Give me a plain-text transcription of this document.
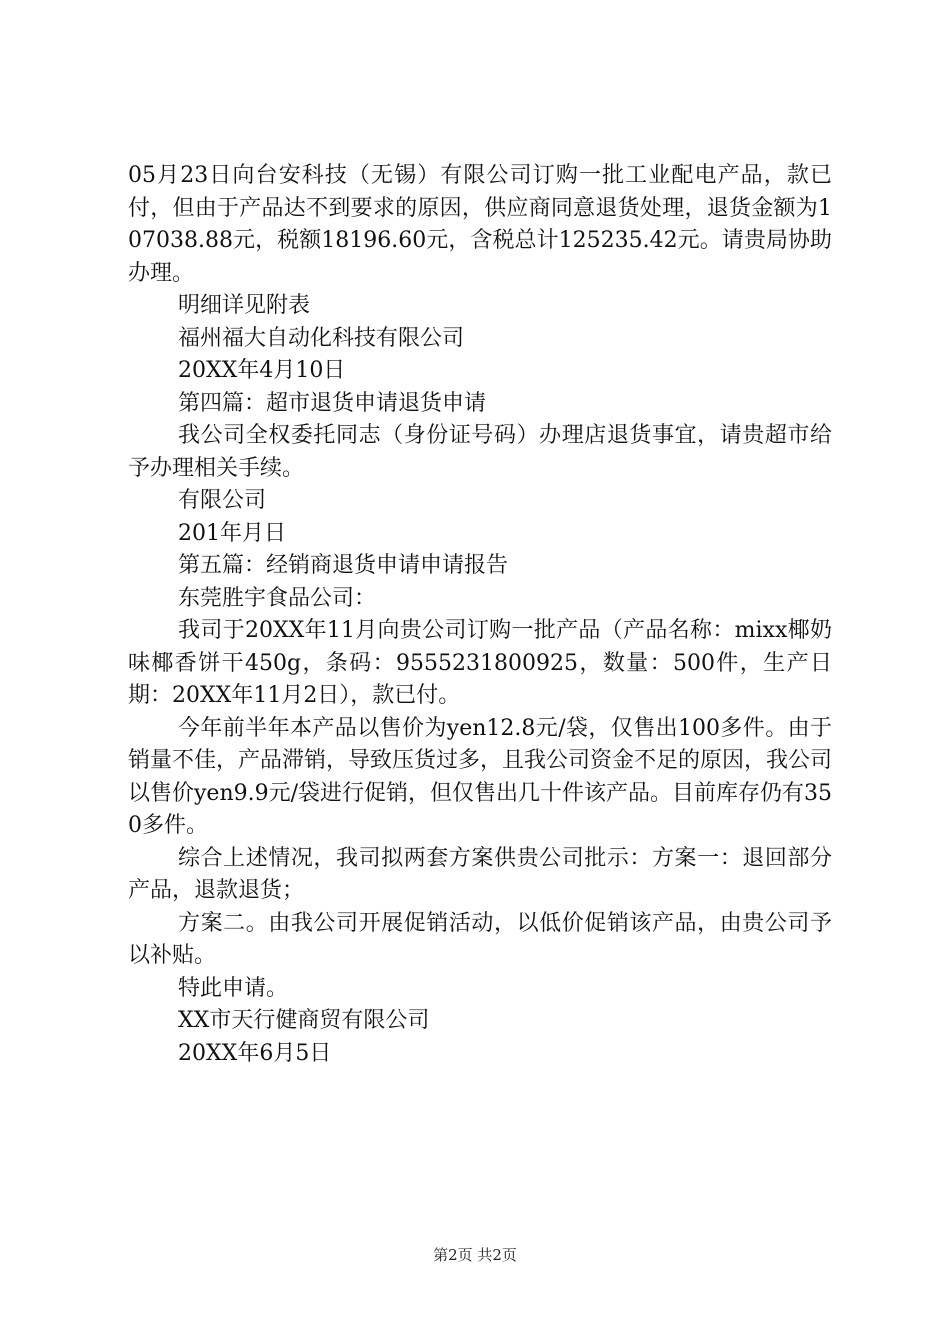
05月23日向台安科技（无锡）有限公司订购一批工业配电产品，款已付，但由于产品达不到要求的原因，供应商同意退货处理，退货金额为107038.88元，税额18196.60元，含税总计125235.42元。请贵局协助办理。

明细详见附表

福州福大自动化科技有限公司

20XX年4月10日

第四篇：超市退货申请退货申请

我公司全权委托同志（身份证号码）办理店退货事宜，请贵超市给予办理相关手续。

有限公司

201年月日

第五篇：经销商退货申请申请报告

东莞胜宇食品公司：

我司于20XX年11月向贵公司订购一批产品（产品名称：mixx椰奶味椰香饼干450g，条码：9555231800925，数量：500件，生产日期：20XX年11月2日），款已付。

今年前半年本产品以售价为yen12.8元/袋，仅售出100多件。由于销量不佳，产品滞销，导致压货过多，且我公司资金不足的原因，我公司以售价yen9.9元/袋进行促销，但仅售出几十件该产品。目前库存仍有350多件。

综合上述情况，我司拟两套方案供贵公司批示：方案一：退回部分产品，退款退货；

方案二。由我公司开展促销活动，以低价促销该产品，由贵公司予以补贴。

特此申请。

XX市天行健商贸有限公司

20XX年6月5日

第2页 共2页
